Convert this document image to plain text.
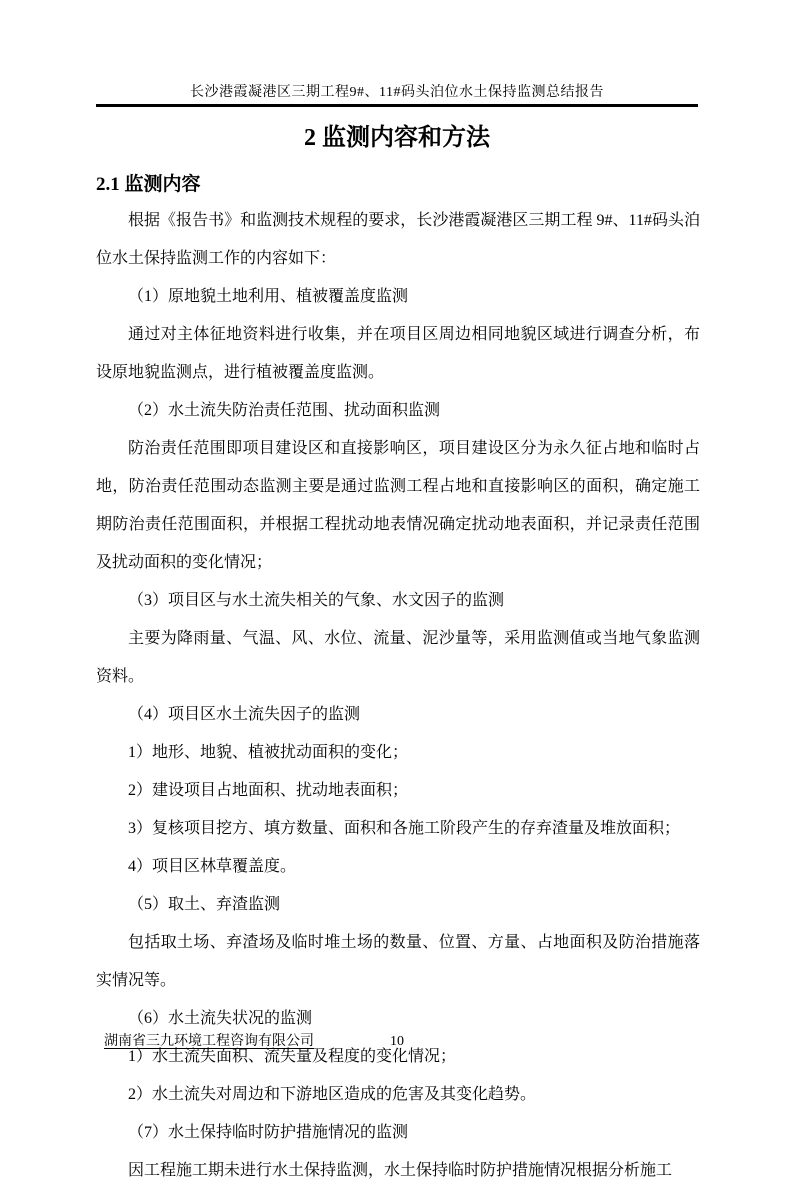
长沙港霞凝港区三期工程9#、11#码头泊位水土保持监测总结报告
2 监测内容和方法
2.1 监测内容

根据《报告书》和监测技术规程的要求，长沙港霞凝港区三期工程 9#、11#码头泊位水土保持监测工作的内容如下：

（1）原地貌土地利用、植被覆盖度监测

通过对主体征地资料进行收集，并在项目区周边相同地貌区域进行调查分析，布设原地貌监测点，进行植被覆盖度监测。

（2）水土流失防治责任范围、扰动面积监测

防治责任范围即项目建设区和直接影响区，项目建设区分为永久征占地和临时占地，防治责任范围动态监测主要是通过监测工程占地和直接影响区的面积，确定施工期防治责任范围面积，并根据工程扰动地表情况确定扰动地表面积，并记录责任范围及扰动面积的变化情况；

（3）项目区与水土流失相关的气象、水文因子的监测

主要为降雨量、气温、风、水位、流量、泥沙量等，采用监测值或当地气象监测资料。

（4）项目区水土流失因子的监测

1）地形、地貌、植被扰动面积的变化；

2）建设项目占地面积、扰动地表面积；

3）复核项目挖方、填方数量、面积和各施工阶段产生的存弃渣量及堆放面积；

4）项目区林草覆盖度。

（5）取土、弃渣监测

包括取土场、弃渣场及临时堆土场的数量、位置、方量、占地面积及防治措施落实情况等。

（6）水土流失状况的监测

1）水土流失面积、流失量及程度的变化情况；

2）水土流失对周边和下游地区造成的危害及其变化趋势。

（7）水土保持临时防护措施情况的监测

因工程施工期未进行水土保持监测，水土保持临时防护措施情况根据分析施工

湖南省三九环境工程咨询有限公司	10
